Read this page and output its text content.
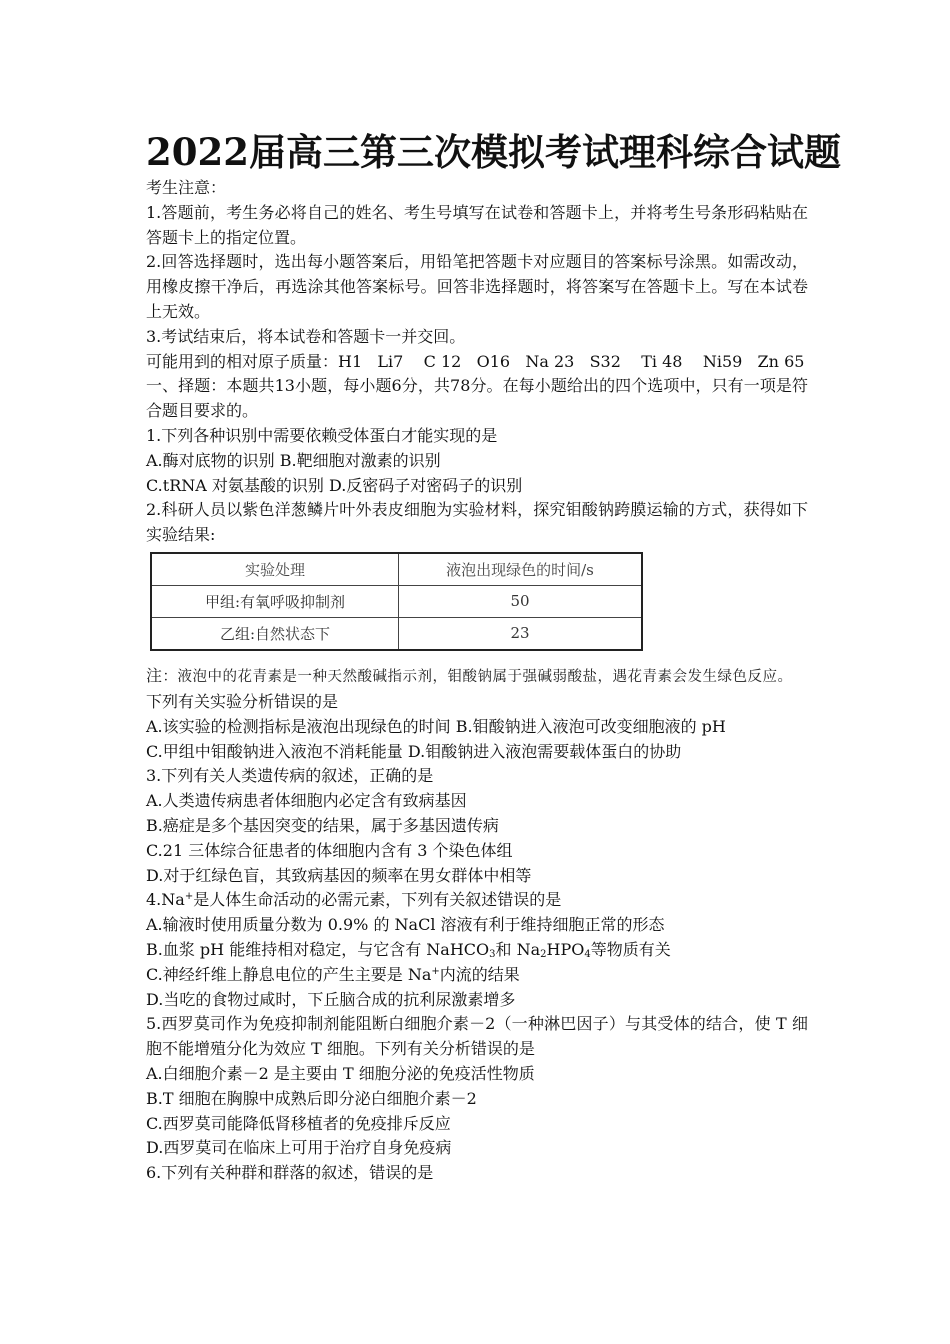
2022届高三第三次模拟考试理科综合试题

考生注意：

1.答题前，考生务必将自己的姓名、考生号填写在试卷和答题卡上，并将考生号条形码粘贴在答题卡上的指定位置。

2.回答选择题时，选出每小题答案后，用铅笔把答题卡对应题目的答案标号涂黑。如需改动，用橡皮擦干净后，再选涂其他答案标号。回答非选择题时，将答案写在答题卡上。写在本试卷上无效。

3.考试结束后，将本试卷和答题卡一并交回。

可能用到的相对原子质量：H1   Li7    C 12   O16   Na 23   S32    Ti 48    Ni59   Zn 65

一、择题：本题共13小题，每小题6分，共78分。在每小题给出的四个选项中，只有一项是符合题目要求的。

1.下列各种识别中需要依赖受体蛋白才能实现的是

A.酶对底物的识别 B.靶细胞对激素的识别

C.tRNA 对氨基酸的识别 D.反密码子对密码子的识别

2.科研人员以紫色洋葱鳞片叶外表皮细胞为实验材料，探究钼酸钠跨膜运输的方式，获得如下实验结果:

实验处理	液泡出现绿色的时间/s
甲组:有氧呼吸抑制剂	50
乙组:自然状态下	23

注：液泡中的花青素是一种天然酸碱指示剂，钼酸钠属于强碱弱酸盐，遇花青素会发生绿色反应。

下列有关实验分析错误的是

A.该实验的检测指标是液泡出现绿色的时间 B.钼酸钠进入液泡可改变细胞液的 pH

C.甲组中钼酸钠进入液泡不消耗能量 D.钼酸钠进入液泡需要载体蛋白的协助

3.下列有关人类遗传病的叙述，正确的是

A.人类遗传病患者体细胞内必定含有致病基因

B.癌症是多个基因突变的结果，属于多基因遗传病

C.21 三体综合征患者的体细胞内含有 3 个染色体组

D.对于红绿色盲，其致病基因的频率在男女群体中相等

4.Na+是人体生命活动的必需元素，下列有关叙述错误的是

A.输液时使用质量分数为 0.9% 的 NaCl 溶液有利于维持细胞正常的形态

B.血浆 pH 能维持相对稳定，与它含有 NaHCO$_3$和 $Na_2HPO_4$等物质有关

C.神经纤维上静息电位的产生主要是 Na+内流的结果

D.当吃的食物过咸时，下丘脑合成的抗利尿激素增多

5.西罗莫司作为免疫抑制剂能阻断白细胞介素－2（一种淋巴因子）与其受体的结合，使 T 细胞不能增殖分化为效应 T 细胞。下列有关分析错误的是

A.白细胞介素－2 是主要由 T 细胞分泌的免疫活性物质

B.T 细胞在胸腺中成熟后即分泌白细胞介素－2

C.西罗莫司能降低肾移植者的免疫排斥反应

D.西罗莫司在临床上可用于治疗自身免疫病

6.下列有关种群和群落的叙述，错误的是
